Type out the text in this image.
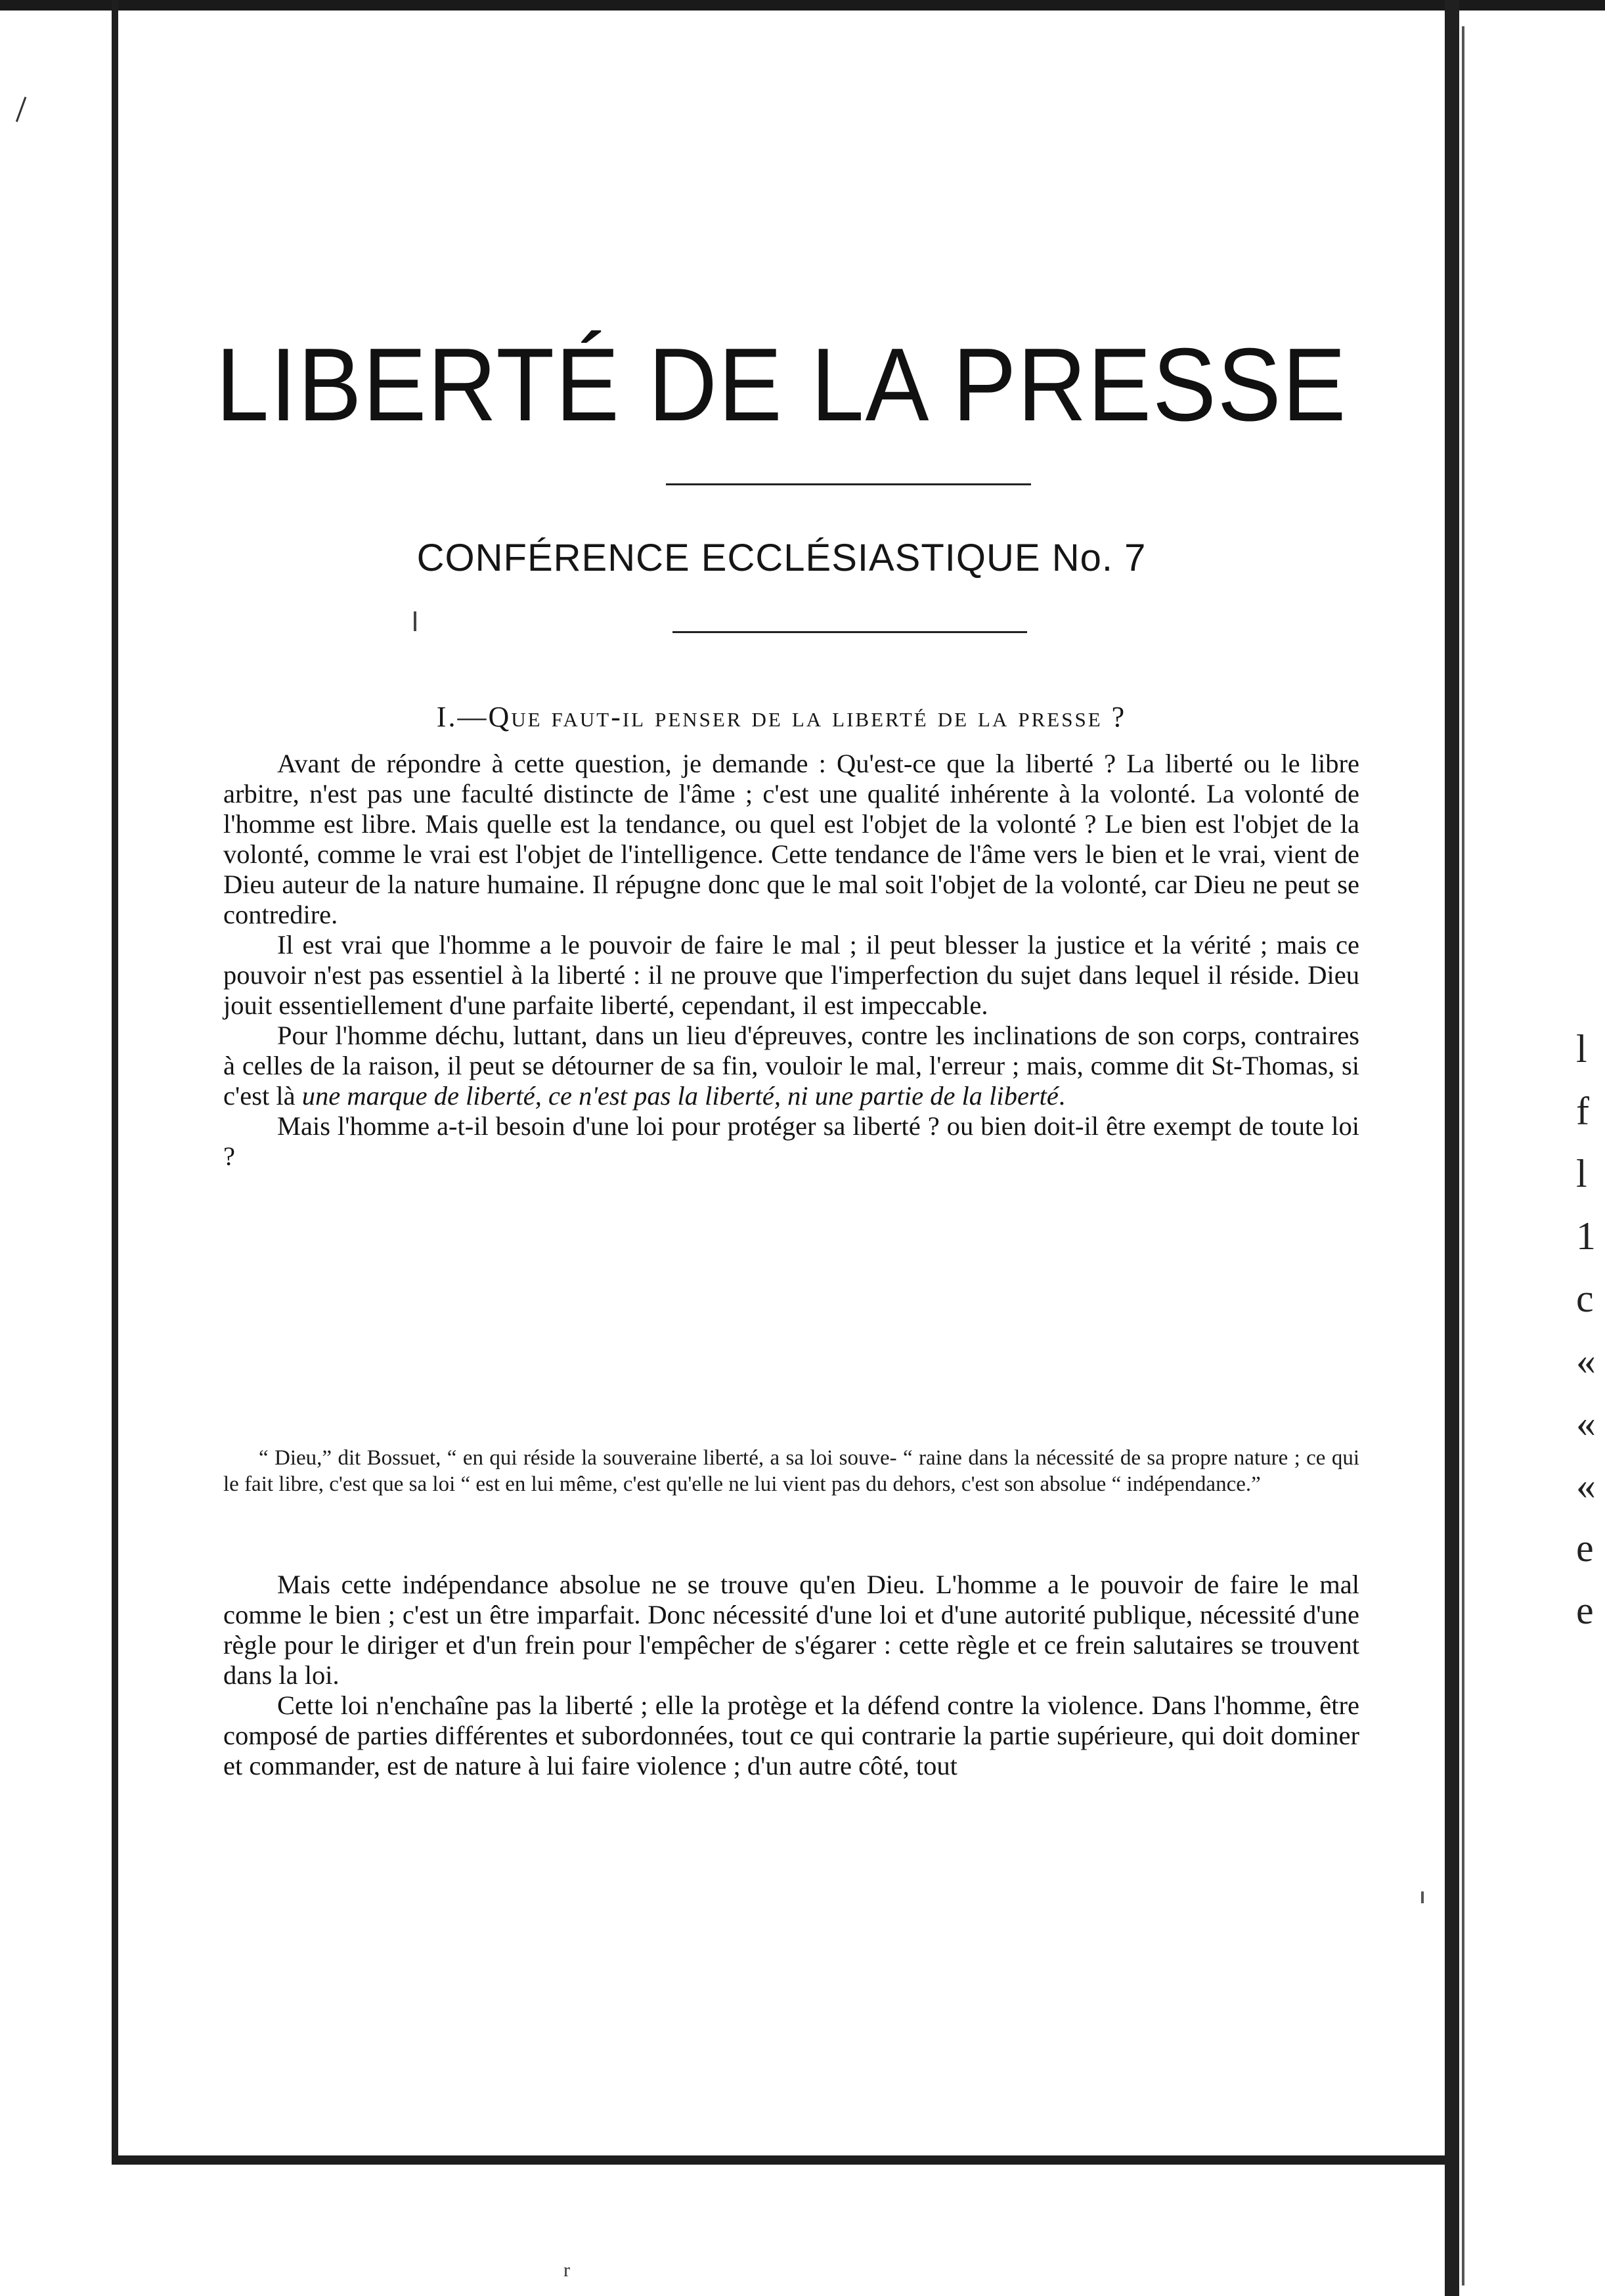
l f l 1 c « « « e e
LIBERTÉ DE LA PRESSE
CONFÉRENCE ECCLÉSIASTIQUE No. 7
I.—Que faut-il penser de la liberté de la presse ?

Avant de répondre à cette question, je demande : Qu'est-ce que la liberté ? La liberté ou le libre arbitre, n'est pas une faculté distincte de l'âme ; c'est une qualité inhérente à la volonté. La volonté de l'homme est libre. Mais quelle est la tendance, ou quel est l'objet de la volonté ? Le bien est l'objet de la volonté, comme le vrai est l'objet de l'intelligence. Cette tendance de l'âme vers le bien et le vrai, vient de Dieu auteur de la nature humaine. Il répugne donc que le mal soit l'objet de la volonté, car Dieu ne peut se contredire.

Il est vrai que l'homme a le pouvoir de faire le mal ; il peut blesser la justice et la vérité ; mais ce pouvoir n'est pas essentiel à la liberté : il ne prouve que l'imperfection du sujet dans lequel il réside. Dieu jouit essentiellement d'une parfaite liberté, cependant, il est impeccable.

Pour l'homme déchu, luttant, dans un lieu d'épreuves, contre les inclinations de son corps, contraires à celles de la raison, il peut se détourner de sa fin, vouloir le mal, l'erreur ; mais, comme dit St-Thomas, si c'est là une marque de liberté, ce n'est pas la liberté, ni une partie de la liberté.

Mais l'homme a-t-il besoin d'une loi pour protéger sa liberté ? ou bien doit-il être exempt de toute loi ?

“ Dieu,” dit Bossuet, “ en qui réside la souveraine liberté, a sa loi souve- “ raine dans la nécessité de sa propre nature ; ce qui le fait libre, c'est que sa loi “ est en lui même, c'est qu'elle ne lui vient pas du dehors, c'est son absolue “ indépendance.”

Mais cette indépendance absolue ne se trouve qu'en Dieu. L'homme a le pouvoir de faire le mal comme le bien ; c'est un être imparfait. Donc nécessité d'une loi et d'une autorité publique, nécessité d'une règle pour le diriger et d'un frein pour l'empêcher de s'égarer : cette règle et ce frein salutaires se trouvent dans la loi.

Cette loi n'enchaîne pas la liberté ; elle la protège et la défend contre la violence. Dans l'homme, être composé de parties différentes et subordonnées, tout ce qui contrarie la partie supérieure, qui doit dominer et commander, est de nature à lui faire violence ; d'un autre côté, tout

r
